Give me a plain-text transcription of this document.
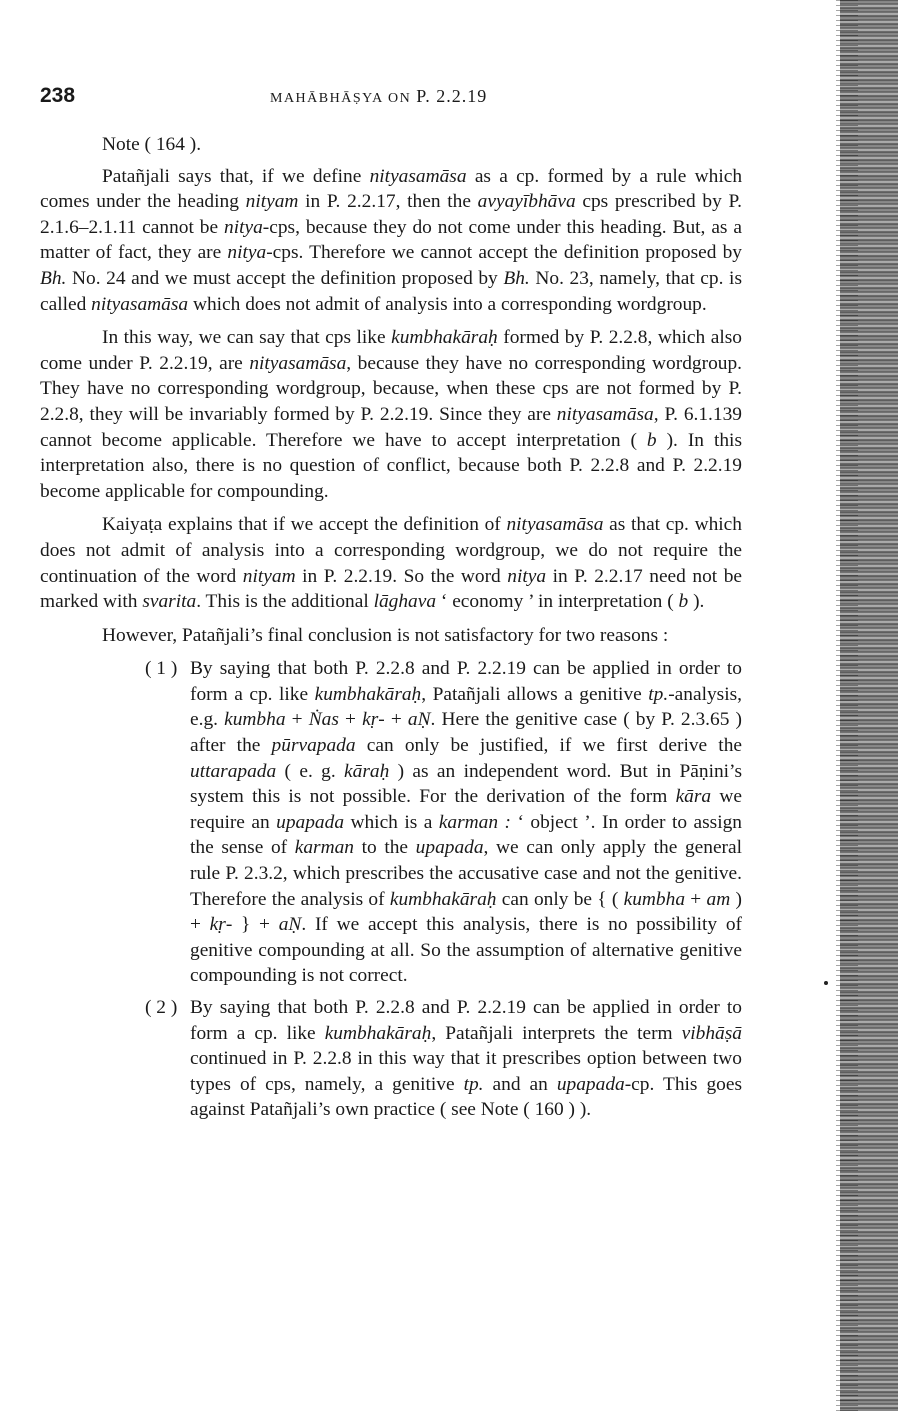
238	MAHĀBHĀṢYA ON P. 2.2.19

Note ( 164 ).

Patañjali says that, if we define nityasamāsa as a cp. formed by a rule which comes under the heading nityam in P. 2.2.17, then the avyayībhāva cps prescribed by P. 2.1.6–2.1.11 cannot be nitya-cps, because they do not come under this heading. But, as a matter of fact, they are nitya-cps. Therefore we cannot accept the definition proposed by Bh. No. 24 and we must accept the definition proposed by Bh. No. 23, namely, that cp. is called nityasamāsa which does not admit of analysis into a corresponding wordgroup.

In this way, we can say that cps like kumbhakāraḥ formed by P. 2.2.8, which also come under P. 2.2.19, are nityasamāsa, because they have no corresponding wordgroup. They have no corresponding wordgroup, because, when these cps are not formed by P. 2.2.8, they will be invariably formed by P. 2.2.19. Since they are nityasamāsa, P. 6.1.139 cannot become applicable. Therefore we have to accept interpretation ( b ). In this interpretation also, there is no question of conflict, because both P. 2.2.8 and P. 2.2.19 become applicable for compounding.

Kaiyaṭa explains that if we accept the definition of nityasamāsa as that cp. which does not admit of analysis into a corresponding wordgroup, we do not require the continuation of the word nityam in P. 2.2.19. So the word nitya in P. 2.2.17 need not be marked with svarita. This is the additional lāghava ‘ economy ’ in interpretation ( b ).

However, Patañjali’s final conclusion is not satisfactory for two reasons :

( 1 ) By saying that both P. 2.2.8 and P. 2.2.19 can be applied in order to form a cp. like kumbhakāraḥ, Patañjali allows a genitive tp.-analysis, e.g. kumbha + Ṅas + kṛ- + aṆ. Here the genitive case ( by P. 2.3.65 ) after the pūrvapada can only be justified, if we first derive the uttarapada ( e. g. kāraḥ ) as an independent word. But in Pāṇini’s system this is not possible. For the derivation of the form kāra we require an upapada which is a karman : ‘ object ’. In order to assign the sense of karman to the upapada, we can only apply the general rule P. 2.3.2, which prescribes the accusative case and not the genitive. Therefore the analysis of kumbhakāraḥ can only be { ( kumbha + am ) + kṛ- } + aṆ. If we accept this analysis, there is no possibility of genitive compounding at all. So the assumption of alternative genitive compounding is not correct.
( 2 ) By saying that both P. 2.2.8 and P. 2.2.19 can be applied in order to form a cp. like kumbhakāraḥ, Patañjali interprets the term vibhāṣā continued in P. 2.2.8 in this way that it prescribes option between two types of cps, namely, a genitive tp. and an upapada-cp. This goes against Patañjali’s own practice ( see Note ( 160 ) ).
